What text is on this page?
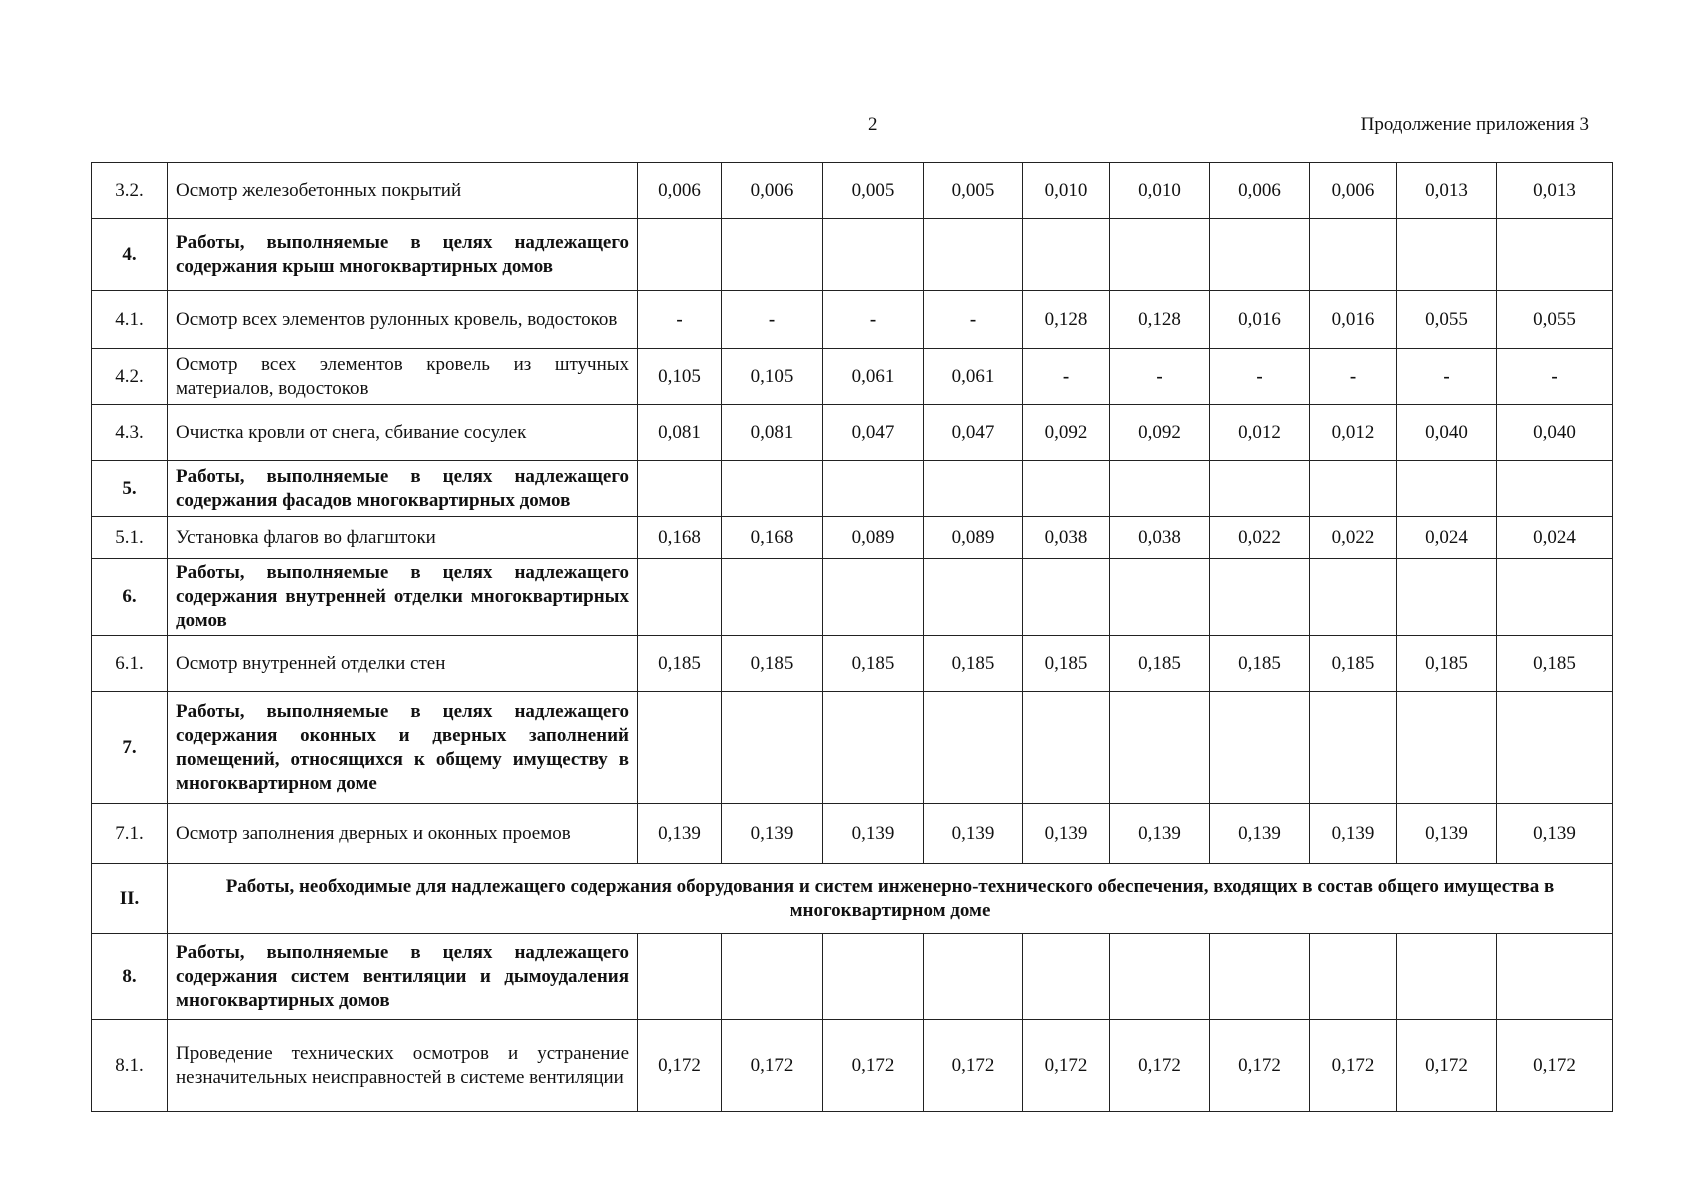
2	Продолжение приложения 3
3.2.	Осмотр железобетонных покрытий	0,006	0,006	0,005	0,005	0,010	0,010	0,006	0,006	0,013	0,013
4.	Работы, выполняемые в целях надлежащего содержания крыш многоквартирных домов										
4.1.	Осмотр всех элементов рулонных кровель, водостоков	-	-	-	-	0,128	0,128	0,016	0,016	0,055	0,055
4.2.	Осмотр всех элементов кровель из штучных материалов, водостоков	0,105	0,105	0,061	0,061	-	-	-	-	-	-
4.3.	Очистка кровли от снега, сбивание сосулек	0,081	0,081	0,047	0,047	0,092	0,092	0,012	0,012	0,040	0,040
5.	Работы, выполняемые в целях надлежащего содержания фасадов многоквартирных домов										
5.1.	Установка флагов во флагштоки	0,168	0,168	0,089	0,089	0,038	0,038	0,022	0,022	0,024	0,024
6.	Работы, выполняемые в целях надлежащего содержания внутренней отделки многоквартирных домов										
6.1.	Осмотр внутренней отделки стен	0,185	0,185	0,185	0,185	0,185	0,185	0,185	0,185	0,185	0,185
7.	Работы, выполняемые в целях надлежащего содержания оконных и дверных заполнений помещений, относящихся к общему имуществу в многоквартирном доме										
7.1.	Осмотр заполнения дверных и оконных проемов	0,139	0,139	0,139	0,139	0,139	0,139	0,139	0,139	0,139	0,139
II.	Работы, необходимые для надлежащего содержания оборудования и систем инженерно-технического обеспечения, входящих в состав общего имущества в многоквартирном доме										
8.	Работы, выполняемые в целях надлежащего содержания систем вентиляции и дымоудаления многоквартирных домов										
8.1.	Проведение технических осмотров и устранение незначительных неисправностей в системе вентиляции	0,172	0,172	0,172	0,172	0,172	0,172	0,172	0,172	0,172	0,172
